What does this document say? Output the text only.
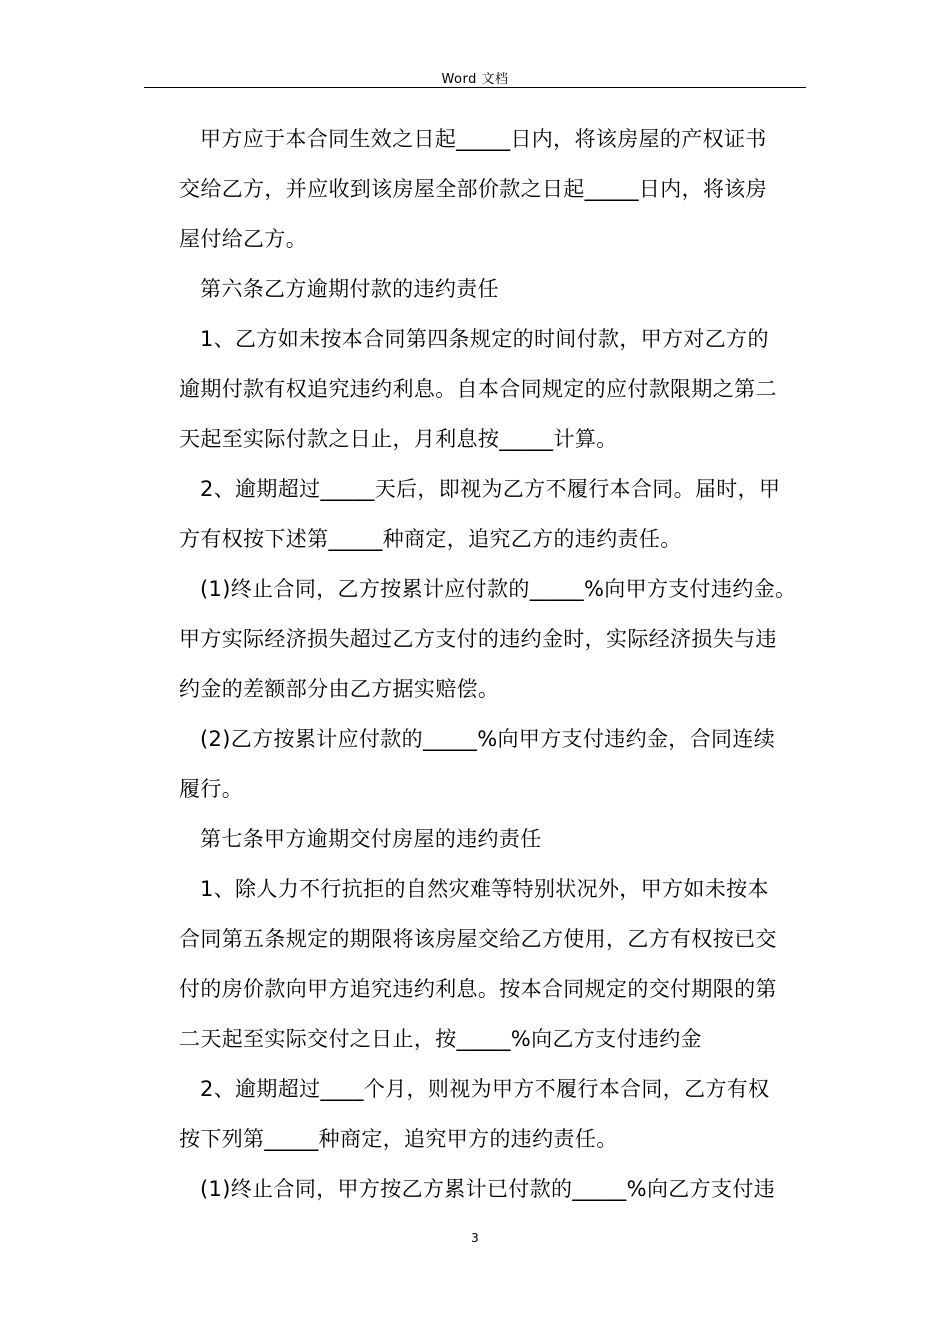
Word 文档
甲方应于本合同生效之日起_____日内，将该房屋的产权证书
交给乙方，并应收到该房屋全部价款之日起_____日内，将该房
屋付给乙方。
第六条乙方逾期付款的违约责任
1、乙方如未按本合同第四条规定的时间付款，甲方对乙方的
逾期付款有权追究违约利息。自本合同规定的应付款限期之第二
天起至实际付款之日止，月利息按_____计算。
2、逾期超过_____天后，即视为乙方不履行本合同。届时，甲
方有权按下述第_____种商定，追究乙方的违约责任。
(1)终止合同，乙方按累计应付款的_____%向甲方支付违约金。
甲方实际经济损失超过乙方支付的违约金时，实际经济损失与违
约金的差额部分由乙方据实赔偿。
(2)乙方按累计应付款的_____%向甲方支付违约金，合同连续
履行。
第七条甲方逾期交付房屋的违约责任
1、除人力不行抗拒的自然灾难等特别状况外，甲方如未按本
合同第五条规定的期限将该房屋交给乙方使用，乙方有权按已交
付的房价款向甲方追究违约利息。按本合同规定的交付期限的第
二天起至实际交付之日止，按_____%向乙方支付违约金
2、逾期超过____个月，则视为甲方不履行本合同，乙方有权
按下列第_____种商定，追究甲方的违约责任。
(1)终止合同，甲方按乙方累计已付款的_____%向乙方支付违
3
